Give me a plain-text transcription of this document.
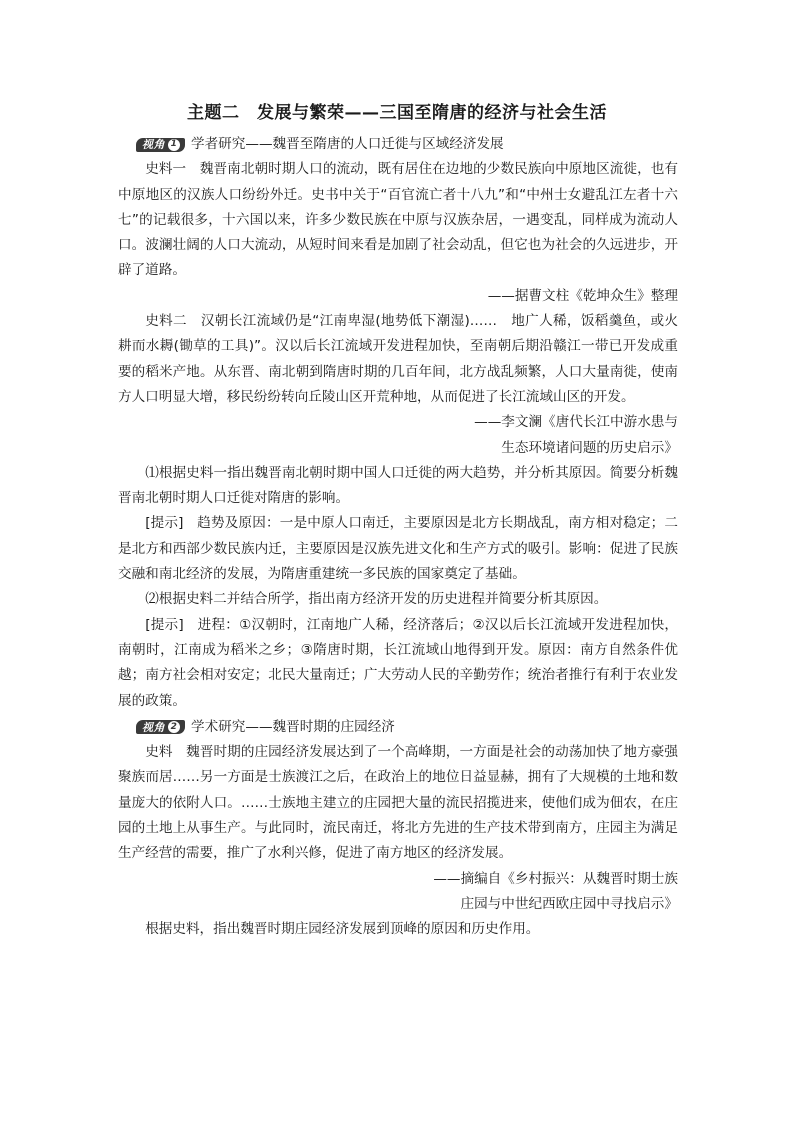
主题二　发展与繁荣——三国至隋唐的经济与社会生活
视角 1 学者研究——魏晋至隋唐的人口迁徙与区域经济发展

史料一　魏晋南北朝时期人口的流动，既有居住在边地的少数民族向中原地区流徙，也有中原地区的汉族人口纷纷外迁。史书中关于“百官流亡者十八九”和“中州士女避乱江左者十六七”的记载很多，十六国以来，许多少数民族在中原与汉族杂居，一遇变乱，同样成为流动人口。波澜壮阔的人口大流动，从短时间来看是加剧了社会动乱，但它也为社会的久远进步，开辟了道路。

——据曹文柱《乾坤众生》整理

史料二　汉朝长江流域仍是“江南卑湿(地势低下潮湿)……　地广人稀，饭稻羹鱼，或火耕而水耨(锄草的工具)”。汉以后长江流域开发进程加快，至南朝后期沿赣江一带已开发成重要的稻米产地。从东晋、南北朝到隋唐时期的几百年间，北方战乱频繁，人口大量南徙，使南方人口明显大增，移民纷纷转向丘陵山区开荒种地，从而促进了长江流域山区的开发。

——李文澜《唐代长江中游水患与

生态环境诸问题的历史启示》

⑴根据史料一指出魏晋南北朝时期中国人口迁徙的两大趋势，并分析其原因。简要分析魏晋南北朝时期人口迁徙对隋唐的影响。

[提示]　趋势及原因：一是中原人口南迁，主要原因是北方长期战乱，南方相对稳定；二是北方和西部少数民族内迁，主要原因是汉族先进文化和生产方式的吸引。影响：促进了民族交融和南北经济的发展，为隋唐重建统一多民族的国家奠定了基础。

⑵根据史料二并结合所学，指出南方经济开发的历史进程并简要分析其原因。

[提示]　进程：①汉朝时，江南地广人稀，经济落后；②汉以后长江流域开发进程加快，南朝时，江南成为稻米之乡；③隋唐时期，长江流域山地得到开发。原因：南方自然条件优越；南方社会相对安定；北民大量南迁；广大劳动人民的辛勤劳作；统治者推行有利于农业发展的政策。

视角 2 学术研究——魏晋时期的庄园经济

史料　魏晋时期的庄园经济发展达到了一个高峰期，一方面是社会的动荡加快了地方豪强聚族而居……另一方面是士族渡江之后，在政治上的地位日益显赫，拥有了大规模的土地和数量庞大的依附人口。……士族地主建立的庄园把大量的流民招揽进来，使他们成为佃农，在庄园的土地上从事生产。与此同时，流民南迁，将北方先进的生产技术带到南方，庄园主为满足生产经营的需要，推广了水利兴修，促进了南方地区的经济发展。

——摘编自《乡村振兴：从魏晋时期士族

庄园与中世纪西欧庄园中寻找启示》

根据史料，指出魏晋时期庄园经济发展到顶峰的原因和历史作用。
